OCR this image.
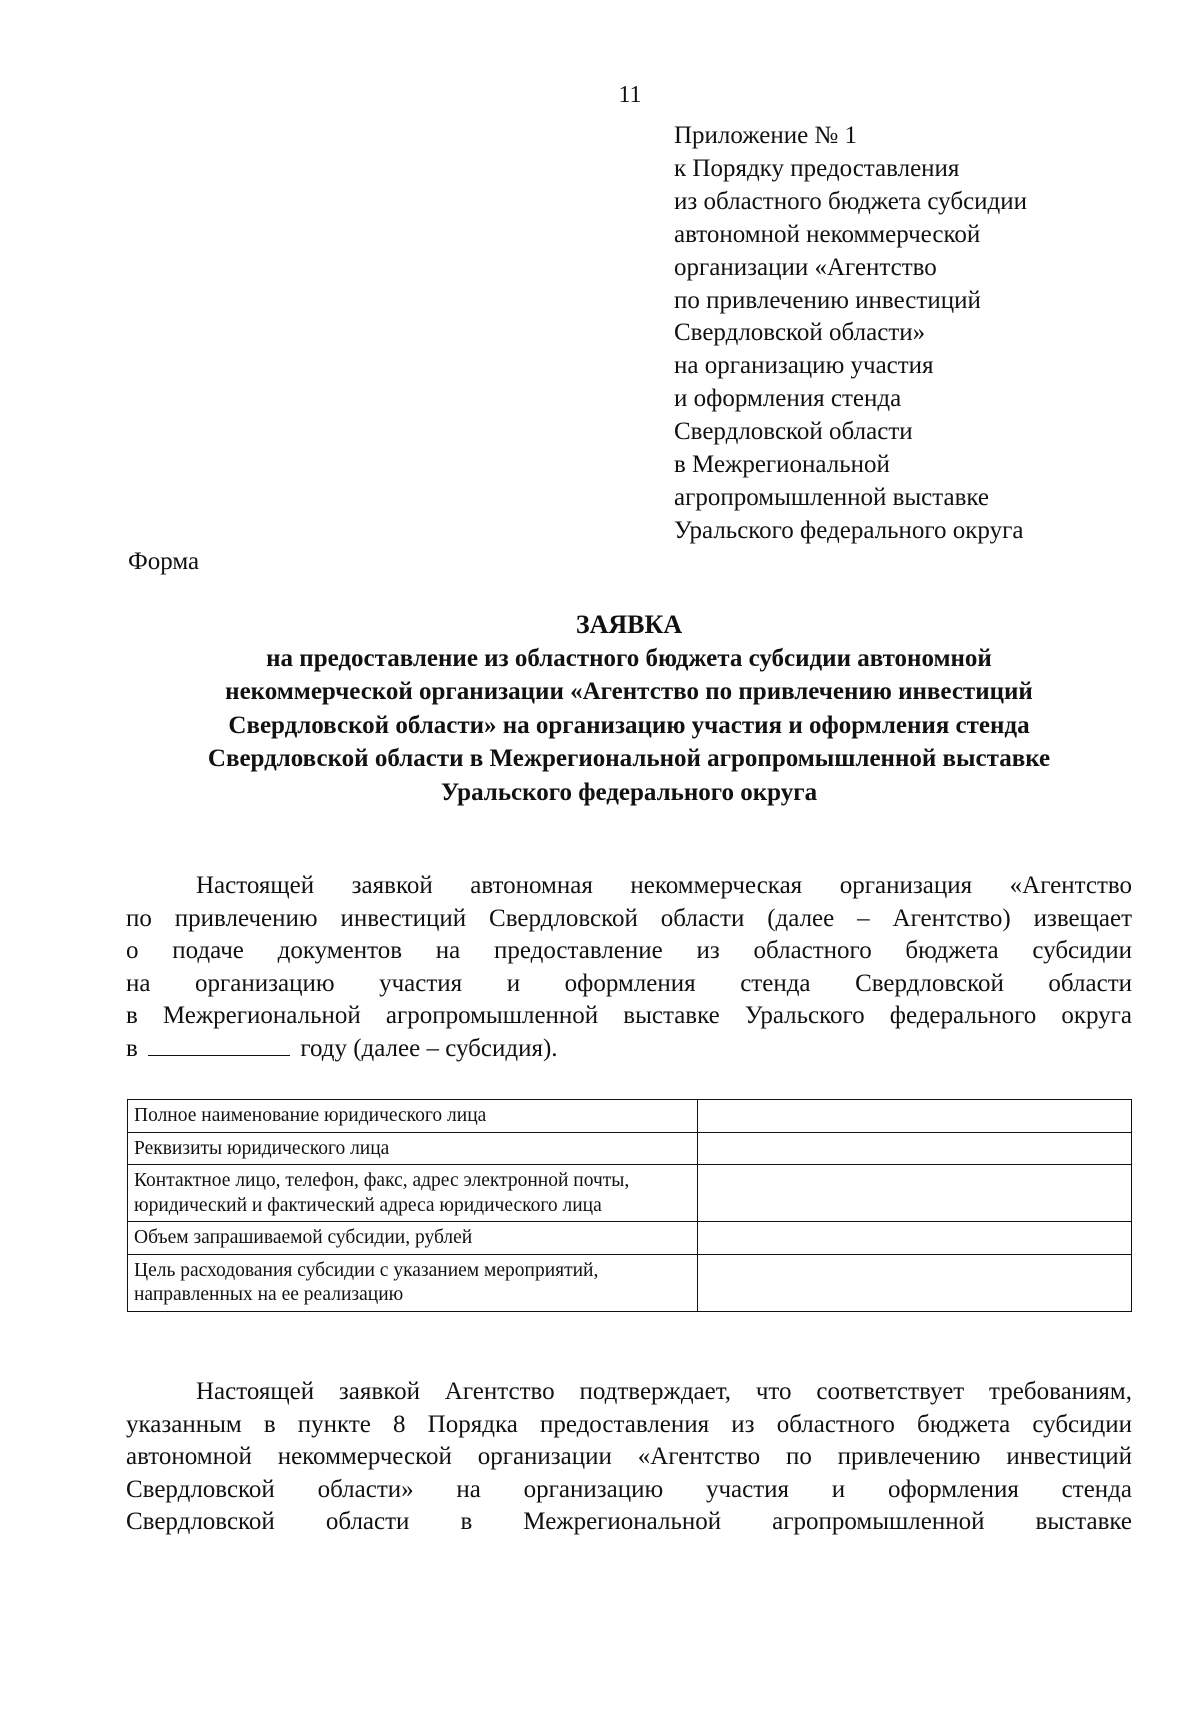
11
Приложение № 1
к Порядку предоставления
из областного бюджета субсидии
автономной некоммерческой
организации «Агентство
по привлечению инвестиций
Свердловской области»
на организацию участия
и оформления стенда
Свердловской области
в Межрегиональной
агропромышленной выставке
Уральского федерального округа
Форма
ЗАЯВКА
на предоставление из областного бюджета субсидии автономной
некоммерческой организации «Агентство по привлечению инвестиций
Свердловской области» на организацию участия и оформления стенда
Свердловской области в Межрегиональной агропромышленной выставке
Уральского федерального округа
Настоящей заявкой автономная некоммерческая организация «Агентство
по привлечению инвестиций Свердловской области (далее – Агентство) извещает
о подаче документов на предоставление из областного бюджета субсидии
на организацию участия и оформления стенда Свердловской области
в Межрегиональной агропромышленной выставке Уральского федерального округа
в	году (далее – субсидия).
Полное наименование юридического лица	
Реквизиты юридического лица	
Контактное лицо, телефон, факс, адрес электронной почты, юридический и фактический адреса юридического лица	
Объем запрашиваемой субсидии, рублей	
Цель расходования субсидии с указанием мероприятий, направленных на ее реализацию	
Настоящей заявкой Агентство подтверждает, что соответствует требованиям,
указанным в пункте 8 Порядка предоставления из областного бюджета субсидии
автономной некоммерческой организации «Агентство по привлечению инвестиций
Свердловской области» на организацию участия и оформления стенда
Свердловской области в Межрегиональной агропромышленной выставке
